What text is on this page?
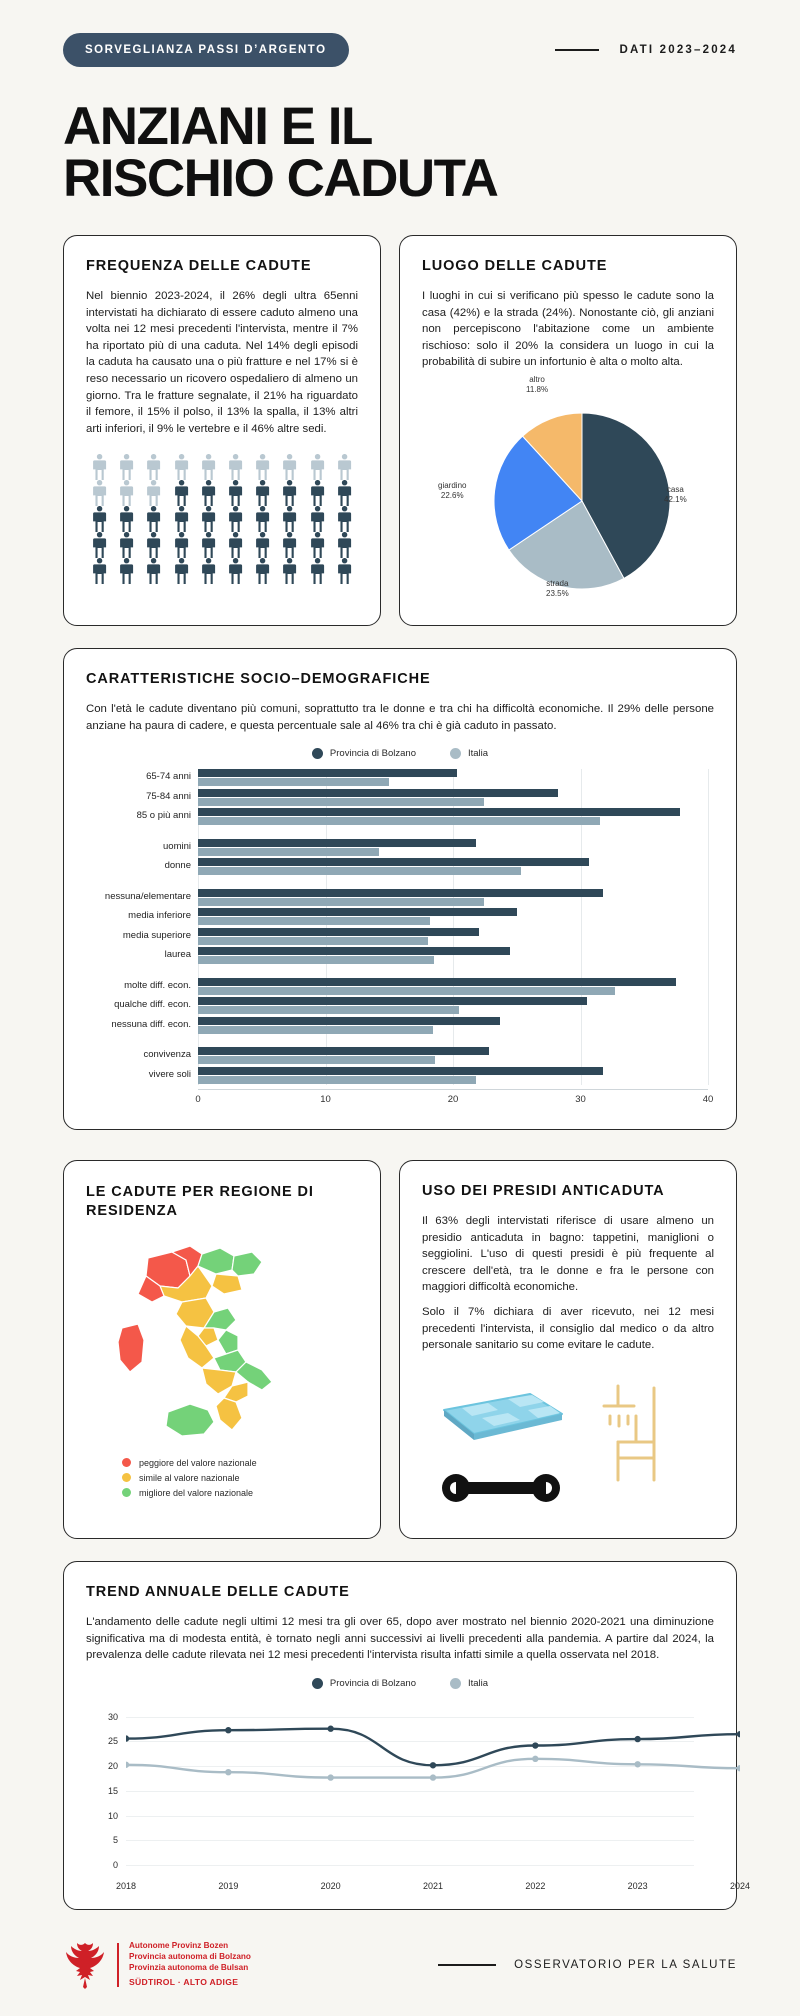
SORVEGLIANZA PASSI D’ARGENTO	DATI 2023–2024
ANZIANI E IL
RISCHIO CADUTA
FREQUENZA DELLE CADUTE

Nel biennio 2023-2024, il 26% degli ultra 65enni intervistati ha dichiarato di essere caduto almeno una volta nei 12 mesi precedenti l'intervista, mentre il 7% ha riportato più di una caduta. Nel 14% degli episodi la caduta ha causato una o più fratture e nel 17% si è reso necessario un ricovero ospedaliero di almeno un giorno. Tra le fratture segnalate, il 21% ha riguardato il femore, il 15% il polso, il 13% la spalla, il 13% altri arti inferiori, il 9% le vertebre e il 46% altre sedi.

LUOGO DELLE CADUTE

I luoghi in cui si verificano più spesso le cadute sono la casa (42%) e la strada (24%). Nonostante ciò, gli anziani non percepiscono l'abitazione come un ambiente rischioso: solo il 20% la considera un luogo in cui la probabilità di subire un infortunio è alta o molto alta.

altro
11.8%
giardino
22.6%
strada
23.5%
casa
42.1%
CARATTERISTICHE SOCIO–DEMOGRAFICHE

Con l'età le cadute diventano più comuni, soprattutto tra le donne e tra chi ha difficoltà economiche. Il 29% delle persone anziane ha paura di cadere, e questa percentuale sale al 46% tra chi è già caduto in passato.

Provincia di Bolzano	Italia
65-74 anni
75-84 anni
85 o più anni
uomini
donne
nessuna/elementare
media inferiore
media superiore
laurea
molte diff. econ.
qualche diff. econ.
nessuna diff. econ.
convivenza
vivere soli
0	10	20	30	40
LE CADUTE PER REGIONE DI
RESIDENZA
peggiore del valore nazionale
simile al valore nazionale
migliore del valore nazionale
USO DEI PRESIDI ANTICADUTA

Il 63% degli intervistati riferisce di usare almeno un presidio anticaduta in bagno: tappetini, maniglioni o seggiolini. L'uso di questi presidi è più frequente al crescere dell'età, tra le donne e fra le persone con maggiori difficoltà economiche.

Solo il 7% dichiara di aver ricevuto, nei 12 mesi precedenti l'intervista, il consiglio dal medico o da altro personale sanitario su come evitare le cadute.

TREND ANNUALE DELLE CADUTE

L'andamento delle cadute negli ultimi 12 mesi tra gli over 65, dopo aver mostrato nel biennio 2020-2021 una diminuzione significativa ma di modesta entità, è tornato negli anni successivi ai livelli precedenti alla pandemia. A partire dal 2024, la prevalenza delle cadute rilevata nei 12 mesi precedenti l'intervista risulta infatti simile a quella osservata nel 2018.

Provincia di Bolzano	Italia
0
5
10
15
20
25
30
2018	2019	2020	2021	2022	2023	2024
Autonome Provinz Bozen
Provincia autonoma di Bolzano
Provinzia autonoma de Bulsan
SÜDTIROL · ALTO ADIGE
OSSERVATORIO PER LA SALUTE
